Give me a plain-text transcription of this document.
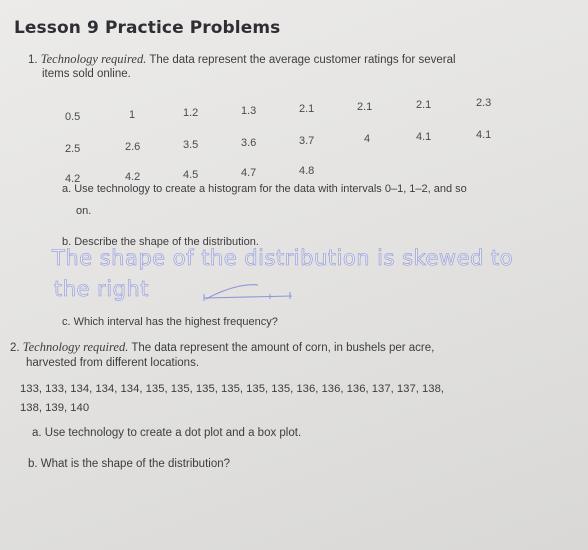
Lesson 9 Practice Problems
1. Technology required. The data represent the average customer ratings for several
items sold online.
0.5	1	1.2	1.3	2.1	2.1	2.1	2.3
2.5	2.6	3.5	3.6	3.7	4	4.1	4.1
4.2	4.2	4.5	4.7	4.8
a. Use technology to create a histogram for the data with intervals 0–1, 1–2, and so
on.
b. Describe the shape of the distribution.
The shape of the distribution is skewed to
the right
c. Which interval has the highest frequency?
2. Technology required. The data represent the amount of corn, in bushels per acre,
harvested from different locations.
133, 133, 134, 134, 134, 135, 135, 135, 135, 135, 135, 136, 136, 136, 137, 137, 138,
138, 139, 140
a. Use technology to create a dot plot and a box plot.
b. What is the shape of the distribution?
